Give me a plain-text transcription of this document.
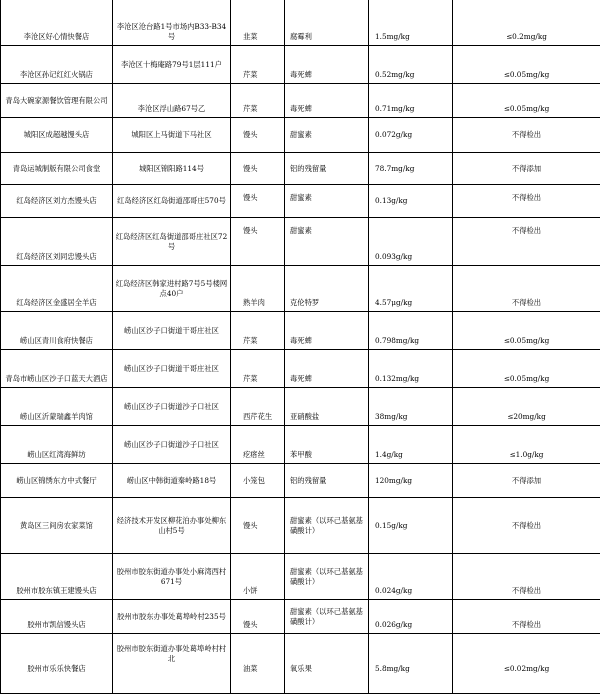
李沧区好心情快餐店	李沧区沧台路1号市场内B33-B34号	韭菜	腐霉利	1.5mg/kg	≤0.2mg/kg
李沧区孙记红红火锅店	李沧区十梅庵路79号1层111户	芹菜	毒死蜱	0.52mg/kg	≤0.05mg/kg
青岛大碗家源餐饮管理有限公司	李沧区浮山路67号乙	芹菜	毒死蜱	0.71mg/kg	≤0.05mg/kg
城阳区成超越馒头店	城阳区上马街道下马社区	馒头	甜蜜素	0.072g/kg	不得检出
青岛运城制版有限公司食堂	城阳区锦阳路114号	馒头	铝的残留量	78.7mg/kg	不得添加
红岛经济区刘方杰馒头店	红岛经济区红岛街道邵哥庄570号	馒头	甜蜜素	0.13g/kg	不得检出
红岛经济区刘同忠馒头店	红岛经济区红岛街道邵哥庄社区72号	馒头	甜蜜素	0.093g/kg	不得检出
红岛经济区金盛居全羊店	红岛经济区韩家进村路7号5号楼网点40户	熟羊肉	克伦特罗	4.57μg/kg	不得检出
崂山区青川食府快餐店	崂山区沙子口街道干哥庄社区	芹菜	毒死蜱	0.798mg/kg	≤0.05mg/kg
青岛市崂山区沙子口蓝天大酒店	崂山区沙子口街道干哥庄社区	芹菜	毒死蜱	0.132mg/kg	≤0.05mg/kg
崂山区沂蒙瑞鑫羊肉馆	崂山区沙子口街道沙子口社区	西芹花生	亚硝酸盐	38mg/kg	≤20mg/kg
崂山区红湾海鲜坊	崂山区沙子口街道沙子口社区	疙瘩丝	苯甲酸	1.4g/kg	≤1.0g/kg
崂山区锦绣东方中式餐厅	崂山区中韩街道秦岭路18号	小笼包	铝的残留量	120mg/kg	不得添加
黄岛区三间房农家菜馆	经济技术开发区柳花泊办事处柳东山村5号	馒头	甜蜜素（以环己基氨基磺酸计）	0.15g/kg	不得检出
胶州市胶东镇王建馒头店	胶州市胶东街道办事处小麻湾西村671号	小饼	甜蜜素（以环己基氨基磺酸计）	0.024g/kg	不得检出
胶州市凯信馒头店	胶州市胶东办事处葛埠岭村235号	馒头	甜蜜素（以环己基氨基磺酸计）	0.026g/kg	不得检出
胶州市乐乐快餐店	胶州市胶东街道办事处葛埠岭村村北	油菜	氧乐果	5.8mg/kg	≤0.02mg/kg
